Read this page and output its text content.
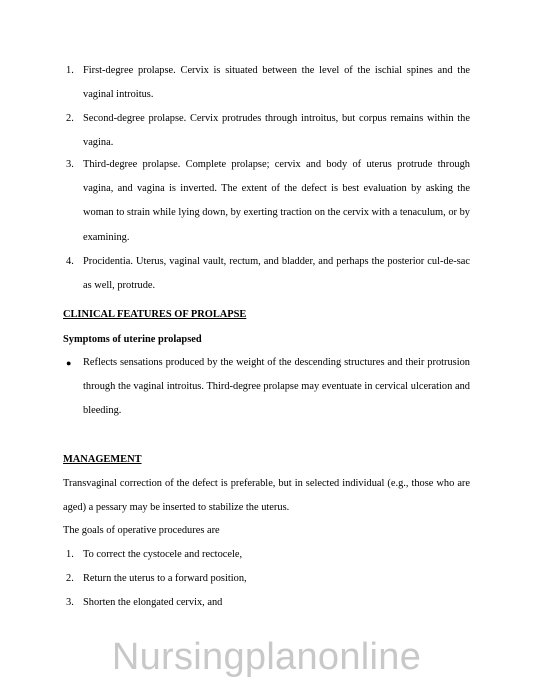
1. First-degree prolapse. Cervix is situated between the level of the ischial spines and the vaginal introitus.

2. Second-degree prolapse. Cervix protrudes through introitus, but corpus remains within the vagina.

3. Third-degree prolapse. Complete prolapse; cervix and body of uterus protrude through vagina, and vagina is inverted. The extent of the defect is best evaluation by asking the woman to strain while lying down, by exerting traction on the cervix with a tenaculum, or by examining.

4. Procidentia. Uterus, vaginal vault, rectum, and bladder, and perhaps the posterior cul-de-sac as well, protrude.

CLINICAL FEATURES OF PROLAPSE
Symptoms of uterine prolapsed
● Reflects sensations produced by the weight of the descending structures and their protrusion through the vaginal introitus. Third-degree prolapse may eventuate in cervical ulceration and bleeding.

MANAGEMENT

Transvaginal correction of the defect is preferable, but in selected individual (e.g., those who are aged) a pessary may be inserted to stabilize the uterus.

The goals of operative procedures are

1. To correct the cystocele and rectocele,

2. Return the uterus to a forward position,

3. Shorten the elongated cervix, and

Nursingplanonline
